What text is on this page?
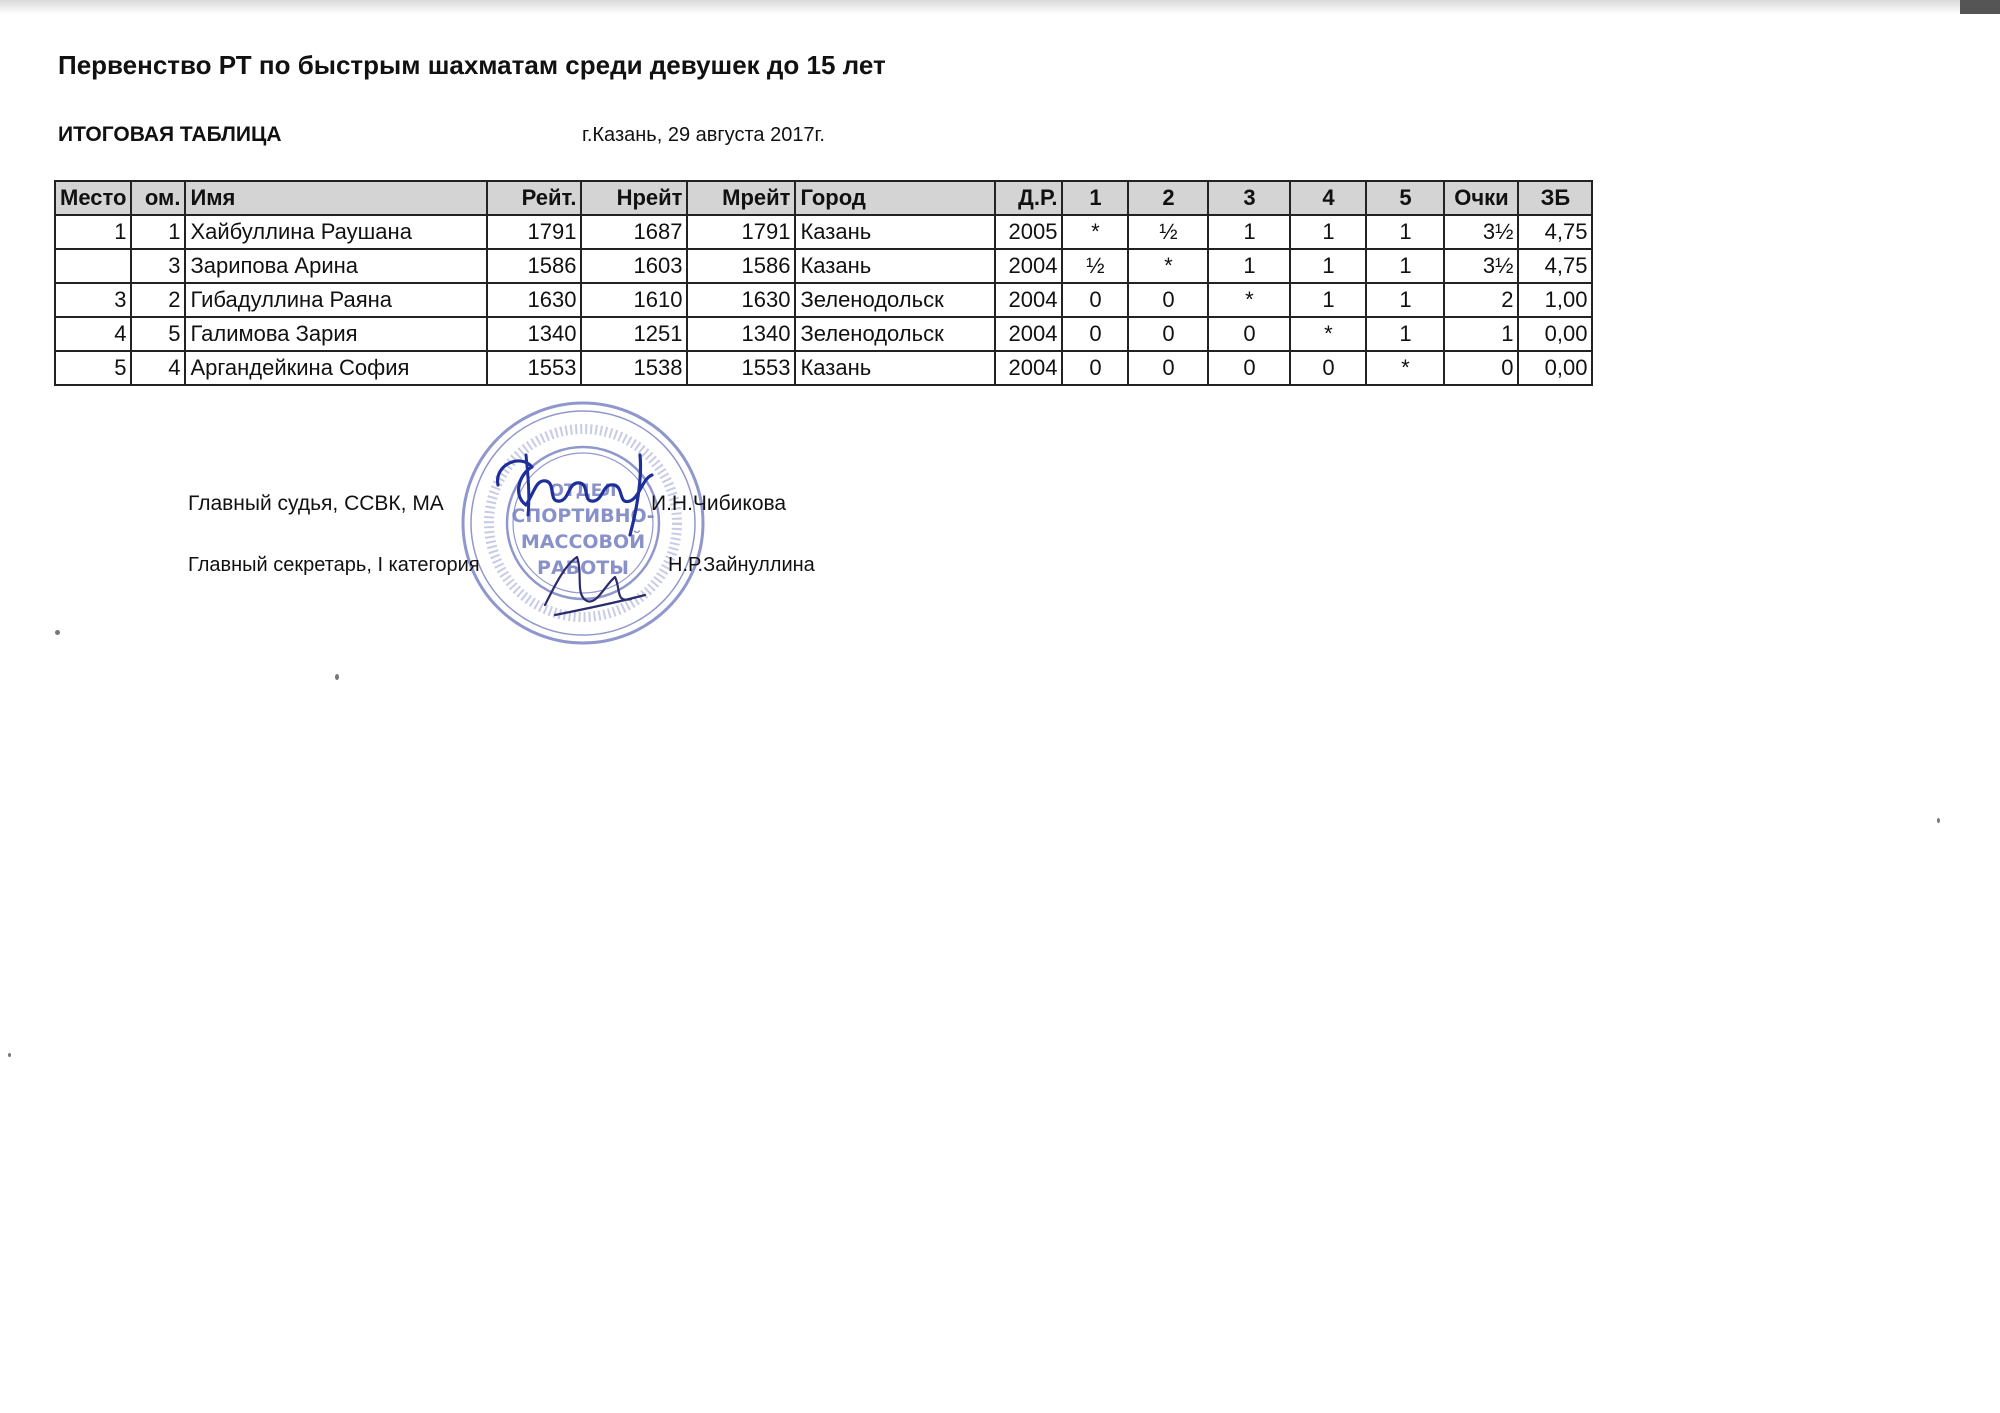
Первенство РТ по быстрым шахматам среди девушек до 15 лет
ИТОГОВАЯ ТАБЛИЦА	г.Казань, 29 августа 2017г.
Место	ом.	Имя	Рейт.	Нрейт	Мрейт	Город	Д.Р.	1	2	3	4	5	Очки	ЗБ
1	1	Хайбуллина Раушана	1791	1687	1791	Казань	2005	*	½	1	1	1	3½	4,75
	3	Зарипова Арина	1586	1603	1586	Казань	2004	½	*	1	1	1	3½	4,75
3	2	Гибадуллина Раяна	1630	1610	1630	Зеленодольск	2004	0	0	*	1	1	2	1,00
4	5	Галимова Зария	1340	1251	1340	Зеленодольск	2004	0	0	0	*	1	1	0,00
5	4	Аргандейкина София	1553	1538	1553	Казань	2004	0	0	0	0	*	0	0,00
ОТДЕЛ
СПОРТИВНО-
МАССОВОЙ
РАБОТЫ
Главный судья, ССВК, МА	И.Н.Чибикова
Главный секретарь, I категория	Н.Р.Зайнуллина
